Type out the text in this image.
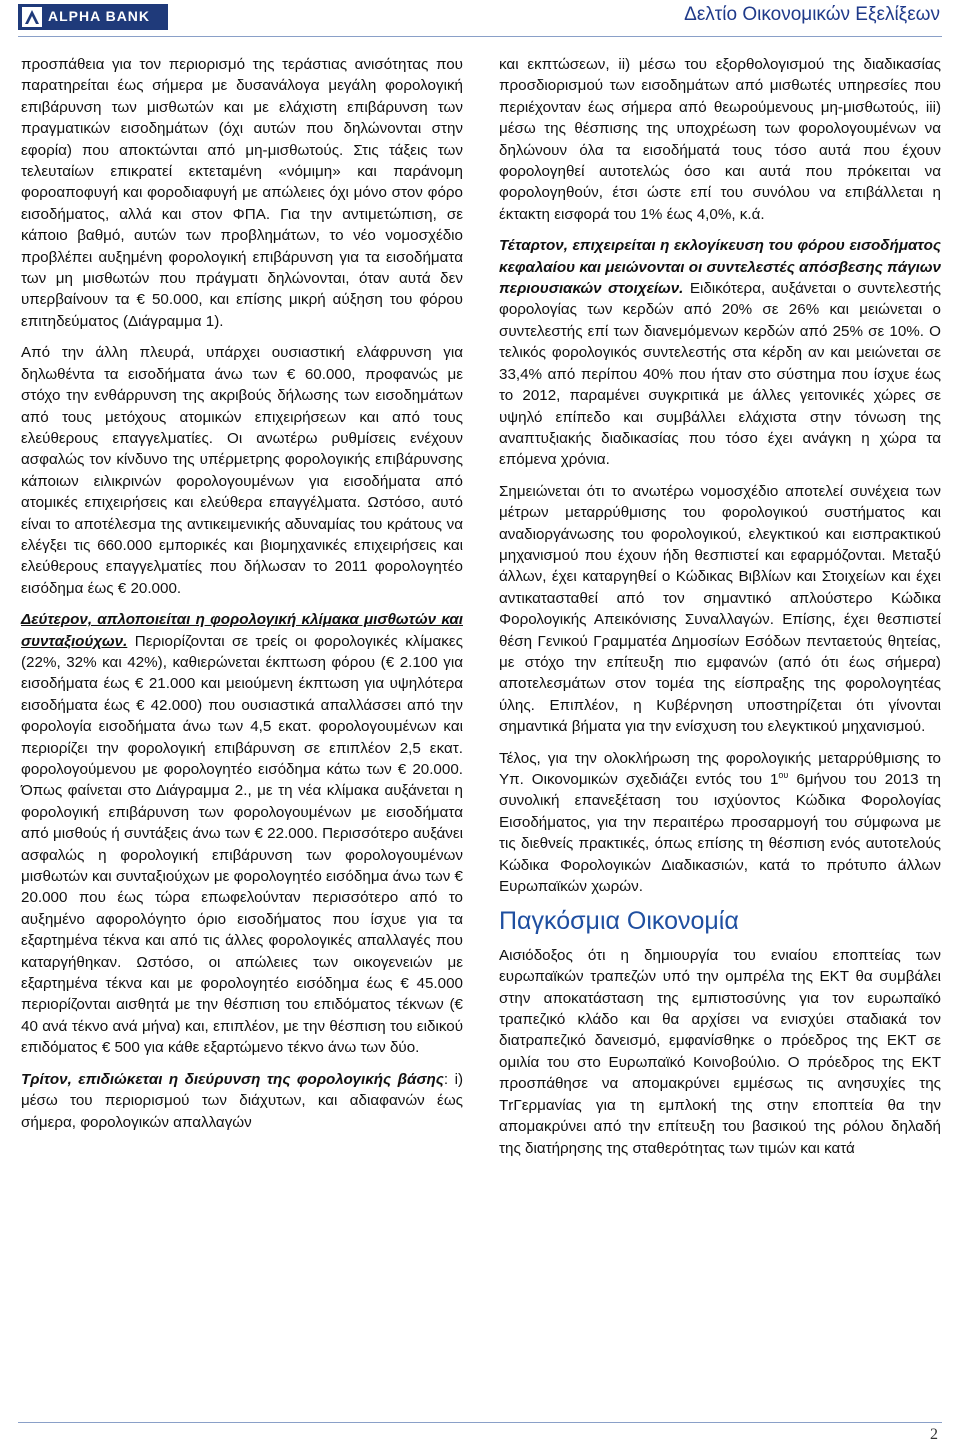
ALPHA BANK	Δελτίο Οικονομικών Εξελίξεων

προσπάθεια για τον περιορισμό της τεράστιας ανισότητας που παρατηρείται έως σήμερα με δυσανάλογα μεγάλη φορολογική επιβάρυνση των μισθωτών και με ελάχιστη επιβάρυνση των πραγματικών εισοδημάτων (όχι αυτών που δηλώνονται στην εφορία) που αποκτώνται από μη-μισθωτούς. Στις τάξεις των τελευταίων επικρατεί εκτεταμένη «νόμιμη» και παράνομη φοροαποφυγή και φοροδιαφυγή με απώλειες όχι μόνο στον φόρο εισοδήματος, αλλά και στον ΦΠΑ. Για την αντιμετώπιση, σε κάποιο βαθμό, αυτών των προβλημάτων, το νέο νομοσχέδιο προβλέπει αυξημένη φορολογική επιβάρυνση για τα εισοδήματα των μη μισθωτών που πράγματι δηλώνονται, όταν αυτά δεν υπερβαίνουν τα € 50.000, και επίσης μικρή αύξηση του φόρου επιτηδεύματος (Διάγραμμα 1).

Από την άλλη πλευρά, υπάρχει ουσιαστική ελάφρυνση για δηλωθέντα τα εισοδήματα άνω των € 60.000, προφανώς με στόχο την ενθάρρυνση της ακριβούς δήλωσης των εισοδημάτων από τους μετόχους ατομικών επιχειρήσεων και από τους ελεύθερους επαγγελματίες. Οι ανωτέρω ρυθμίσεις ενέχουν ασφαλώς τον κίνδυνο της υπέρμετρης φορολογικής επιβάρυνσης κάποιων ειλικρινών φορολογουμένων για εισοδήματα από ατομικές επιχειρήσεις και ελεύθερα επαγγέλματα. Ωστόσο, αυτό είναι το αποτέλεσμα της αντικειμενικής αδυναμίας του κράτους να ελέγξει τις 660.000 εμπορικές και βιομηχανικές επιχειρήσεις και ελεύθερους επαγγελματίες που δήλωσαν το 2011 φορολογητέο εισόδημα έως € 20.000.

Δεύτερον, απλοποιείται η φορολογική κλίμακα μισθωτών και συνταξιούχων. Περιορίζονται σε τρείς οι φορολογικές κλίμακες (22%, 32% και 42%), καθιερώνεται έκπτωση φόρου (€ 2.100 για εισοδήματα έως € 21.000 και μειούμενη έκπτωση για υψηλότερα εισοδήματα έως € 42.000) που ουσιαστικά απαλλάσσει από την φορολογία εισοδήματα άνω των 4,5 εκατ. φορολογουμένων και περιορίζει την φορολογική επιβάρυνση σε επιπλέον 2,5 εκατ. φορολογούμενου με φορολογητέο εισόδημα κάτω των € 20.000. Όπως φαίνεται στο Διάγραμμα 2., με τη νέα κλίμακα αυξάνεται η φορολογική επιβάρυνση των φορολογουμένων με εισοδήματα από μισθούς ή συντάξεις άνω των € 22.000. Περισσότερο αυξάνει ασφαλώς η φορολογική επιβάρυνση των φορολογουμένων μισθωτών και συνταξιούχων με φορολογητέο εισόδημα άνω των € 20.000 που έως τώρα επωφελούνταν περισσότερο από το αυξημένο αφορολόγητο όριο εισοδήματος που ίσχυε για τα εξαρτημένα τέκνα και από τις άλλες φορολογικές απαλλαγές που καταργήθηκαν. Ωστόσο, οι απώλειες των οικογενειών με εξαρτημένα τέκνα και με φορολογητέο εισόδημα έως € 45.000 περιορίζονται αισθητά με την θέσπιση του επιδόματος τέκνων (€ 40 ανά τέκνο ανά μήνα) και, επιπλέον, με την θέσπιση του ειδικού επιδόματος € 500 για κάθε εξαρτώμενο τέκνο άνω των δύο.

Τρίτον, επιδιώκεται η διεύρυνση της φορολογικής βάσης: i) μέσω του περιορισμού των διάχυτων, και αδιαφανών έως σήμερα, φορολογικών απαλλαγών

και εκπτώσεων, ii) μέσω του εξορθολογισμού της διαδικασίας προσδιορισμού των εισοδημάτων από μισθωτές υπηρεσίες που περιέχονταν έως σήμερα από θεωρούμενους μη-μισθωτούς, iii) μέσω της θέσπισης της υποχρέωση των φορολογουμένων να δηλώνουν όλα τα εισοδήματά τους τόσο αυτά που έχουν φορολογηθεί αυτοτελώς όσο και αυτά που πρόκειται να φορολογηθούν, έτσι ώστε επί του συνόλου να επιβάλλεται η έκτακτη εισφορά του 1% έως 4,0%, κ.ά.

Τέταρτον, επιχειρείται η εκλογίκευση του φόρου εισοδήματος κεφαλαίου και μειώνονται οι συντελεστές απόσβεσης πάγιων περιουσιακών στοιχείων. Ειδικότερα, αυξάνεται ο συντελεστής φορολογίας των κερδών από 20% σε 26% και μειώνεται ο συντελεστής επί των διανεμόμενων κερδών από 25% σε 10%. Ο τελικός φορολογικός συντελεστής στα κέρδη αν και μειώνεται σε 33,4% από περίπου 40% που ήταν στο σύστημα που ίσχυε έως το 2012, παραμένει συγκριτικά με άλλες γειτονικές χώρες σε υψηλό επίπεδο και συμβάλλει ελάχιστα στην τόνωση της αναπτυξιακής διαδικασίας που τόσο έχει ανάγκη η χώρα τα επόμενα χρόνια.

Σημειώνεται ότι το ανωτέρω νομοσχέδιο αποτελεί συνέχεια των μέτρων μεταρρύθμισης του φορολογικού συστήματος και αναδιοργάνωσης του φορολογικού, ελεγκτικού και εισπρακτικού μηχανισμού που έχουν ήδη θεσπιστεί και εφαρμόζονται. Μεταξύ άλλων, έχει καταργηθεί ο Κώδικας Βιβλίων και Στοιχείων και έχει αντικατασταθεί από τον σημαντικό απλούστερο Κώδικα Φορολογικής Απεικόνισης Συναλλαγών. Επίσης, έχει θεσπιστεί θέση Γενικού Γραμματέα Δημοσίων Εσόδων πενταετούς θητείας, με στόχο την επίτευξη πιο εμφανών (από ότι έως σήμερα) αποτελεσμάτων στον τομέα της είσπραξης της φορολογητέας ύλης. Επιπλέον, η Κυβέρνηση υποστηρίζεται ότι γίνονται σημαντικά βήματα για την ενίσχυση του ελεγκτικού μηχανισμού.

Τέλος, για την ολοκλήρωση της φορολογικής μεταρρύθμισης το Υπ. Οικονομικών σχεδιάζει εντός του $1^{o\upsilon}$ 6μήνου του 2013 τη συνολική επανεξέταση του ισχύοντος Κώδικα Φορολογίας Εισοδήματος, για την περαιτέρω προσαρμογή του σύμφωνα με τις διεθνείς πρακτικές, όπως επίσης τη θέσπιση ενός αυτοτελούς Κώδικα Φορολογικών Διαδικασιών, κατά το πρότυπο άλλων Ευρωπαϊκών χωρών.

Παγκόσμια Οικονομία

Αισιόδοξος ότι η δημιουργία του ενιαίου εποπτείας των ευρωπαϊκών τραπεζών υπό την ομπρέλα της ΕΚΤ θα συμβάλει στην αποκατάσταση της εμπιστοσύνης για τον ευρωπαϊκό τραπεζικό κλάδο και θα αρχίσει να ενισχύει σταδιακά τον διατραπεζικό δανεισμό, εμφανίσθηκε ο πρόεδρος της ΕΚΤ σε ομιλία του στο Ευρωπαϊκό Κοινοβούλιο. Ο πρόεδρος της ΕΚΤ προσπάθησε να απομακρύνει εμμέσως τις ανησυχίες της ΤrΓερμανίας για τη εμπλοκή της στην εποπτεία θα την απομακρύνει από την επίτευξη του βασικού της ρόλου δηλαδή της διατήρησης της σταθερότητας των τιμών και κατά

2
